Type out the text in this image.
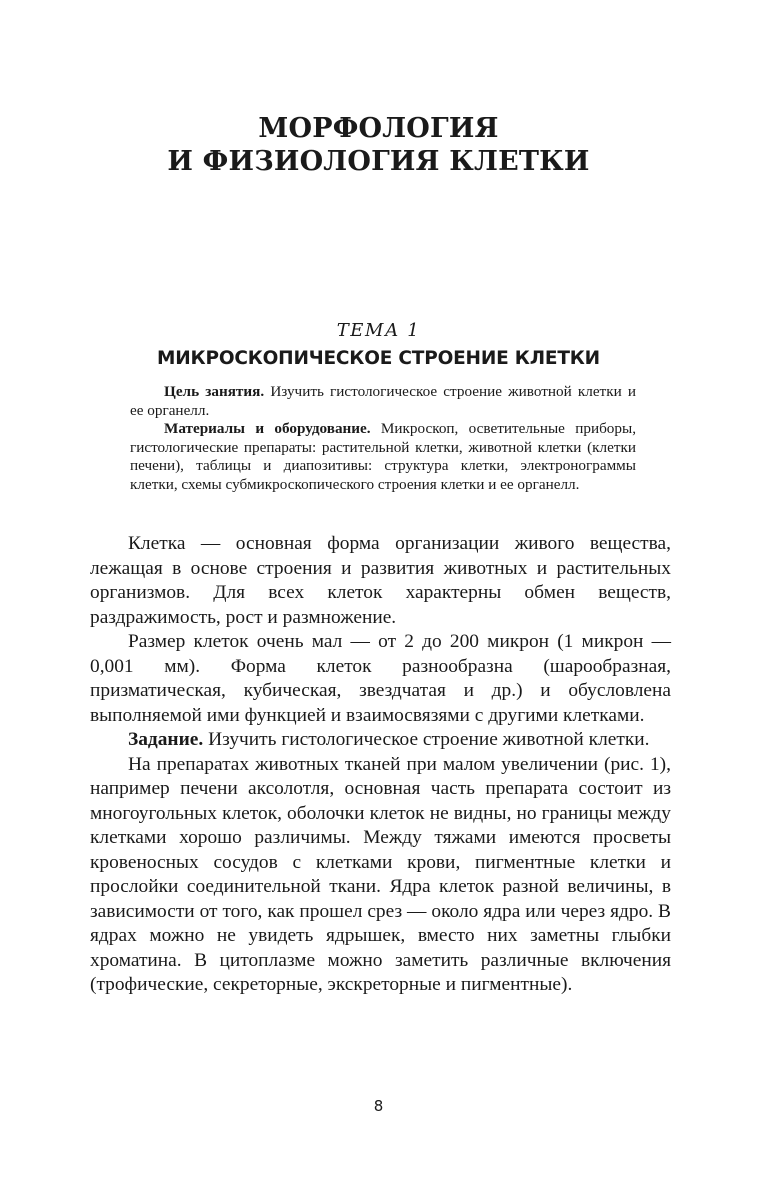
МОРФОЛОГИЯ
И ФИЗИОЛОГИЯ КЛЕТКИ
ТЕМА 1
МИКРОСКОПИЧЕСКОЕ СТРОЕНИЕ КЛЕТКИ

Цель занятия. Изучить гистологическое строение животной клетки и ее органелл.

Материалы и оборудование. Микроскоп, осветительные приборы, гистологические препараты: растительной клетки, животной клетки (клетки печени), таблицы и диапозитивы: структура клетки, электронограммы клетки, схемы субмикроскопического строения клетки и ее органелл.

Клетка — основная форма организации живого вещества, лежащая в основе строения и развития животных и растительных организмов. Для всех клеток характерны обмен веществ, раздражимость, рост и размножение.

Размер клеток очень мал — от 2 до 200 микрон (1 микрон — 0,001 мм). Форма клеток разнообразна (шарообразная, призматическая, кубическая, звездчатая и др.) и обусловлена выполняемой ими функцией и взаимосвязями с другими клетками.

Задание. Изучить гистологическое строение животной клетки.

На препаратах животных тканей при малом увеличении (рис. 1), например печени аксолотля, основная часть препарата состоит из многоугольных клеток, оболочки клеток не видны, но границы между клетками хорошо различимы. Между тяжами имеются просветы кровеносных сосудов с клетками крови, пигментные клетки и прослойки соединительной ткани. Ядра клеток разной величины, в зависимости от того, как прошел срез — около ядра или через ядро. В ядрах можно не увидеть ядрышек, вместо них заметны глыбки хроматина. В цитоплазме можно заметить различные включения (трофические, секреторные, экскреторные и пигментные).

8
